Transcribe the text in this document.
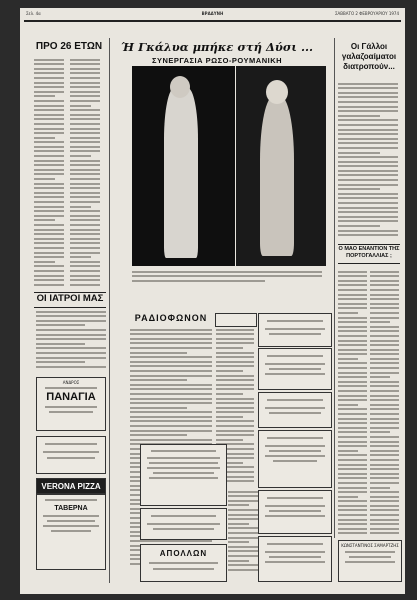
Σελ. 4α	ΒΡΑΔΥΝΗ	ΣΑΒΒΑΤΟ 2 ΦΕΒΡΟΥΑΡΙΟΥ 1974
ΠΡΟ 26 ΕΤΩΝ
ΟΙ ΙΑΤΡΟΙ ΜΑΣ
ΑΝΔΡΟΣ
ΠΑΝΑΓΙΑ
VERONA PIZZA
ΤΑΒΕΡΝΑ
Ή Γκάλυα μπήκε στή Δύσι ...
ΣΥΝΕΡΓΑΣΙΑ ΡΩΣΟ-ΡΟΥΜΑΝΙΚΗ
ΡΑΔΙΟΦΩΝΟΝ
ΑΠΟΛΛΩΝ
Οι Γάλλοι γαλαζοαίματοι διατροπούν...
Ο ΜΑΟ ΕΝΑΝΤΙΟΝ ΤΗΣ ΠΟΡΤΟΓΑΛΛΙΑΣ ;
ΚΩΝΣΤΑΝΤΙΝΟΣ ΣΑΜΑΡΤΖΗΣ
